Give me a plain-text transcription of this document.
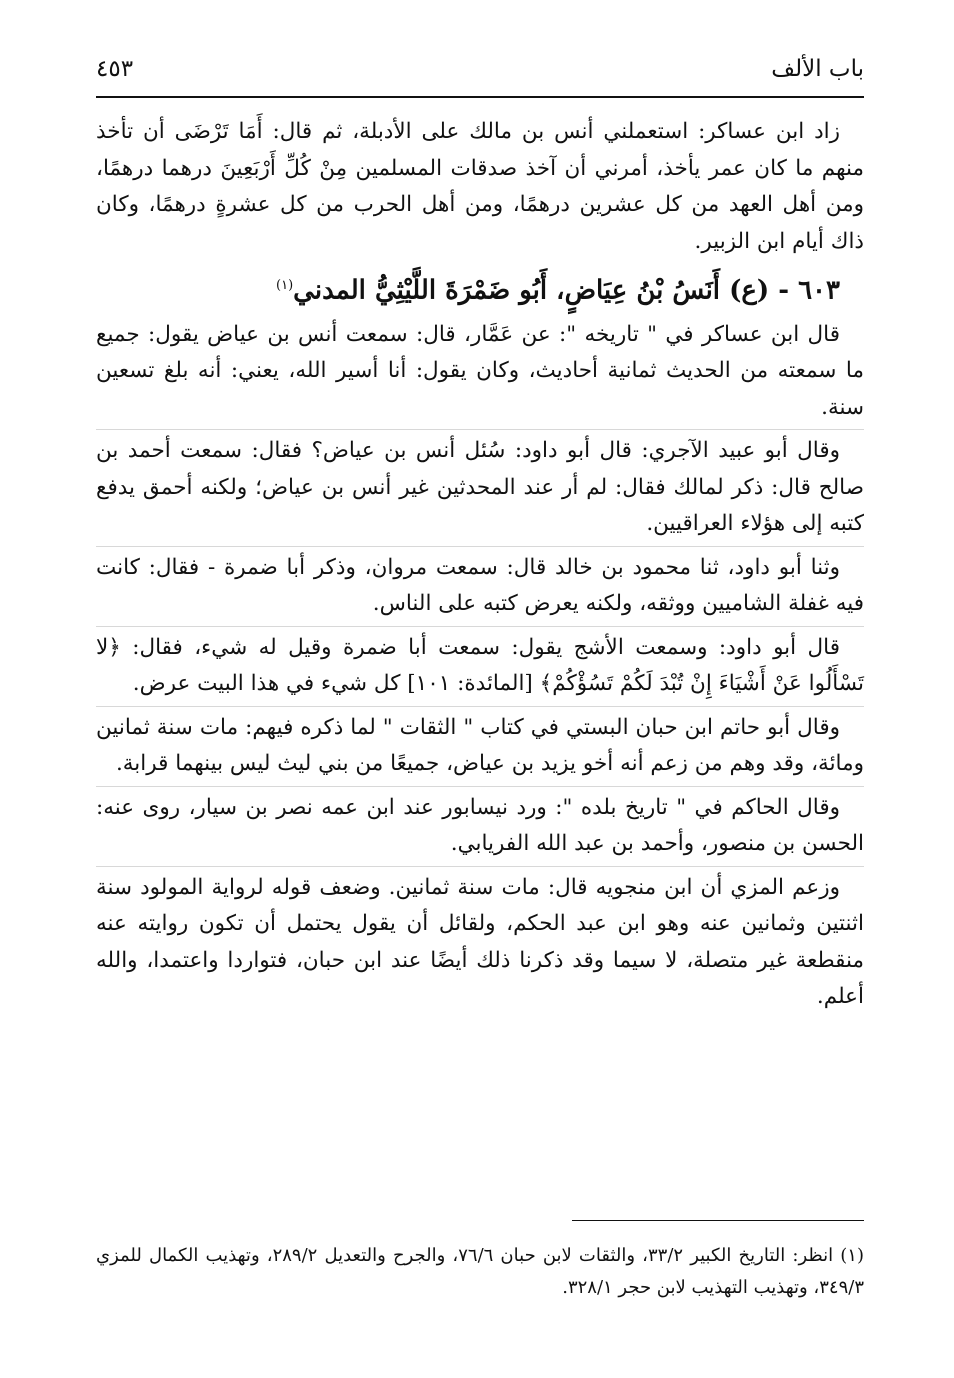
باب الألف
٤٥٣

زاد ابن عساكر: استعملني أنس بن مالك على الأدبلة، ثم قال: أَمَا تَرْضَى أن تأخذ منهم ما كان عمر يأخذ، أمرني أن آخذ صدقات المسلمين مِنْ كُلِّ أَرْبَعِينَ درهما درهمًا، ومن أهل العهد من كل عشرين درهمًا، ومن أهل الحرب من كل عشرةٍ درهمًا، وكان ذاك أيام ابن الزبير.

٦٠٣ - (ع) أَنَسُ بْنُ عِيَاضٍ، أَبُو ضَمْرَةَ اللَّيْثِيُّ المدني$^{(١)}$

قال ابن عساكر في " تاريخه ": عن عَمَّار، قال: سمعت أنس بن عياض يقول: جميع ما سمعته من الحديث ثمانية أحاديث، وكان يقول: أنا أسير الله، يعني: أنه بلغ تسعين سنة.

وقال أبو عبيد الآجري: قال أبو داود: سُئل أنس بن عياض؟ فقال: سمعت أحمد بن صالح قال: ذكر لمالك فقال: لم أر عند المحدثين غير أنس بن عياض؛ ولكنه أحمق يدفع كتبه إلى هؤلاء العراقيين.

وثنا أبو داود، ثنا محمود بن خالد قال: سمعت مروان، وذكر أبا ضمرة - فقال: كانت فيه غفلة الشاميين ووثقه، ولكنه يعرض كتبه على الناس.

قال أبو داود: وسمعت الأشج يقول: سمعت أبا ضمرة وقيل له شيء، فقال: ﴿لا تَسْأَلُوا عَنْ أَشْيَاءَ إِنْ تُبْدَ لَكُمْ تَسُؤْكُمْ﴾ [المائدة: ١٠١] كل شيء في هذا البيت عرض.

وقال أبو حاتم ابن حبان البستي في كتاب " الثقات " لما ذكره فيهم: مات سنة ثمانين ومائة، وقد وهم من زعم أنه أخو يزيد بن عياض، جميعًا من بني ليث ليس بينهما قرابة.

وقال الحاكم في " تاريخ بلده ": ورد نيسابور عند ابن عمه نصر بن سيار، روى عنه: الحسن بن منصور، وأحمد بن عبد الله الفريابي.

وزعم المزي أن ابن منجويه قال: مات سنة ثمانين. وضعف قوله لرواية المولود سنة اثنتين وثمانين عنه وهو ابن عبد الحكم، ولقائل أن يقول يحتمل أن تكون روايته عنه منقطعة غير متصلة، لا سيما وقد ذكرنا ذلك أيضًا عند ابن حبان، فتواردا واعتمدا، والله أعلم.

(١) انظر: التاريخ الكبير ٣٣/٢، والثقات لابن حبان ٧٦/٦، والجرح والتعديل ٢٨٩/٢، وتهذيب الكمال للمزي ٣٤٩/٣، وتهذيب التهذيب لابن حجر ٣٢٨/١.
